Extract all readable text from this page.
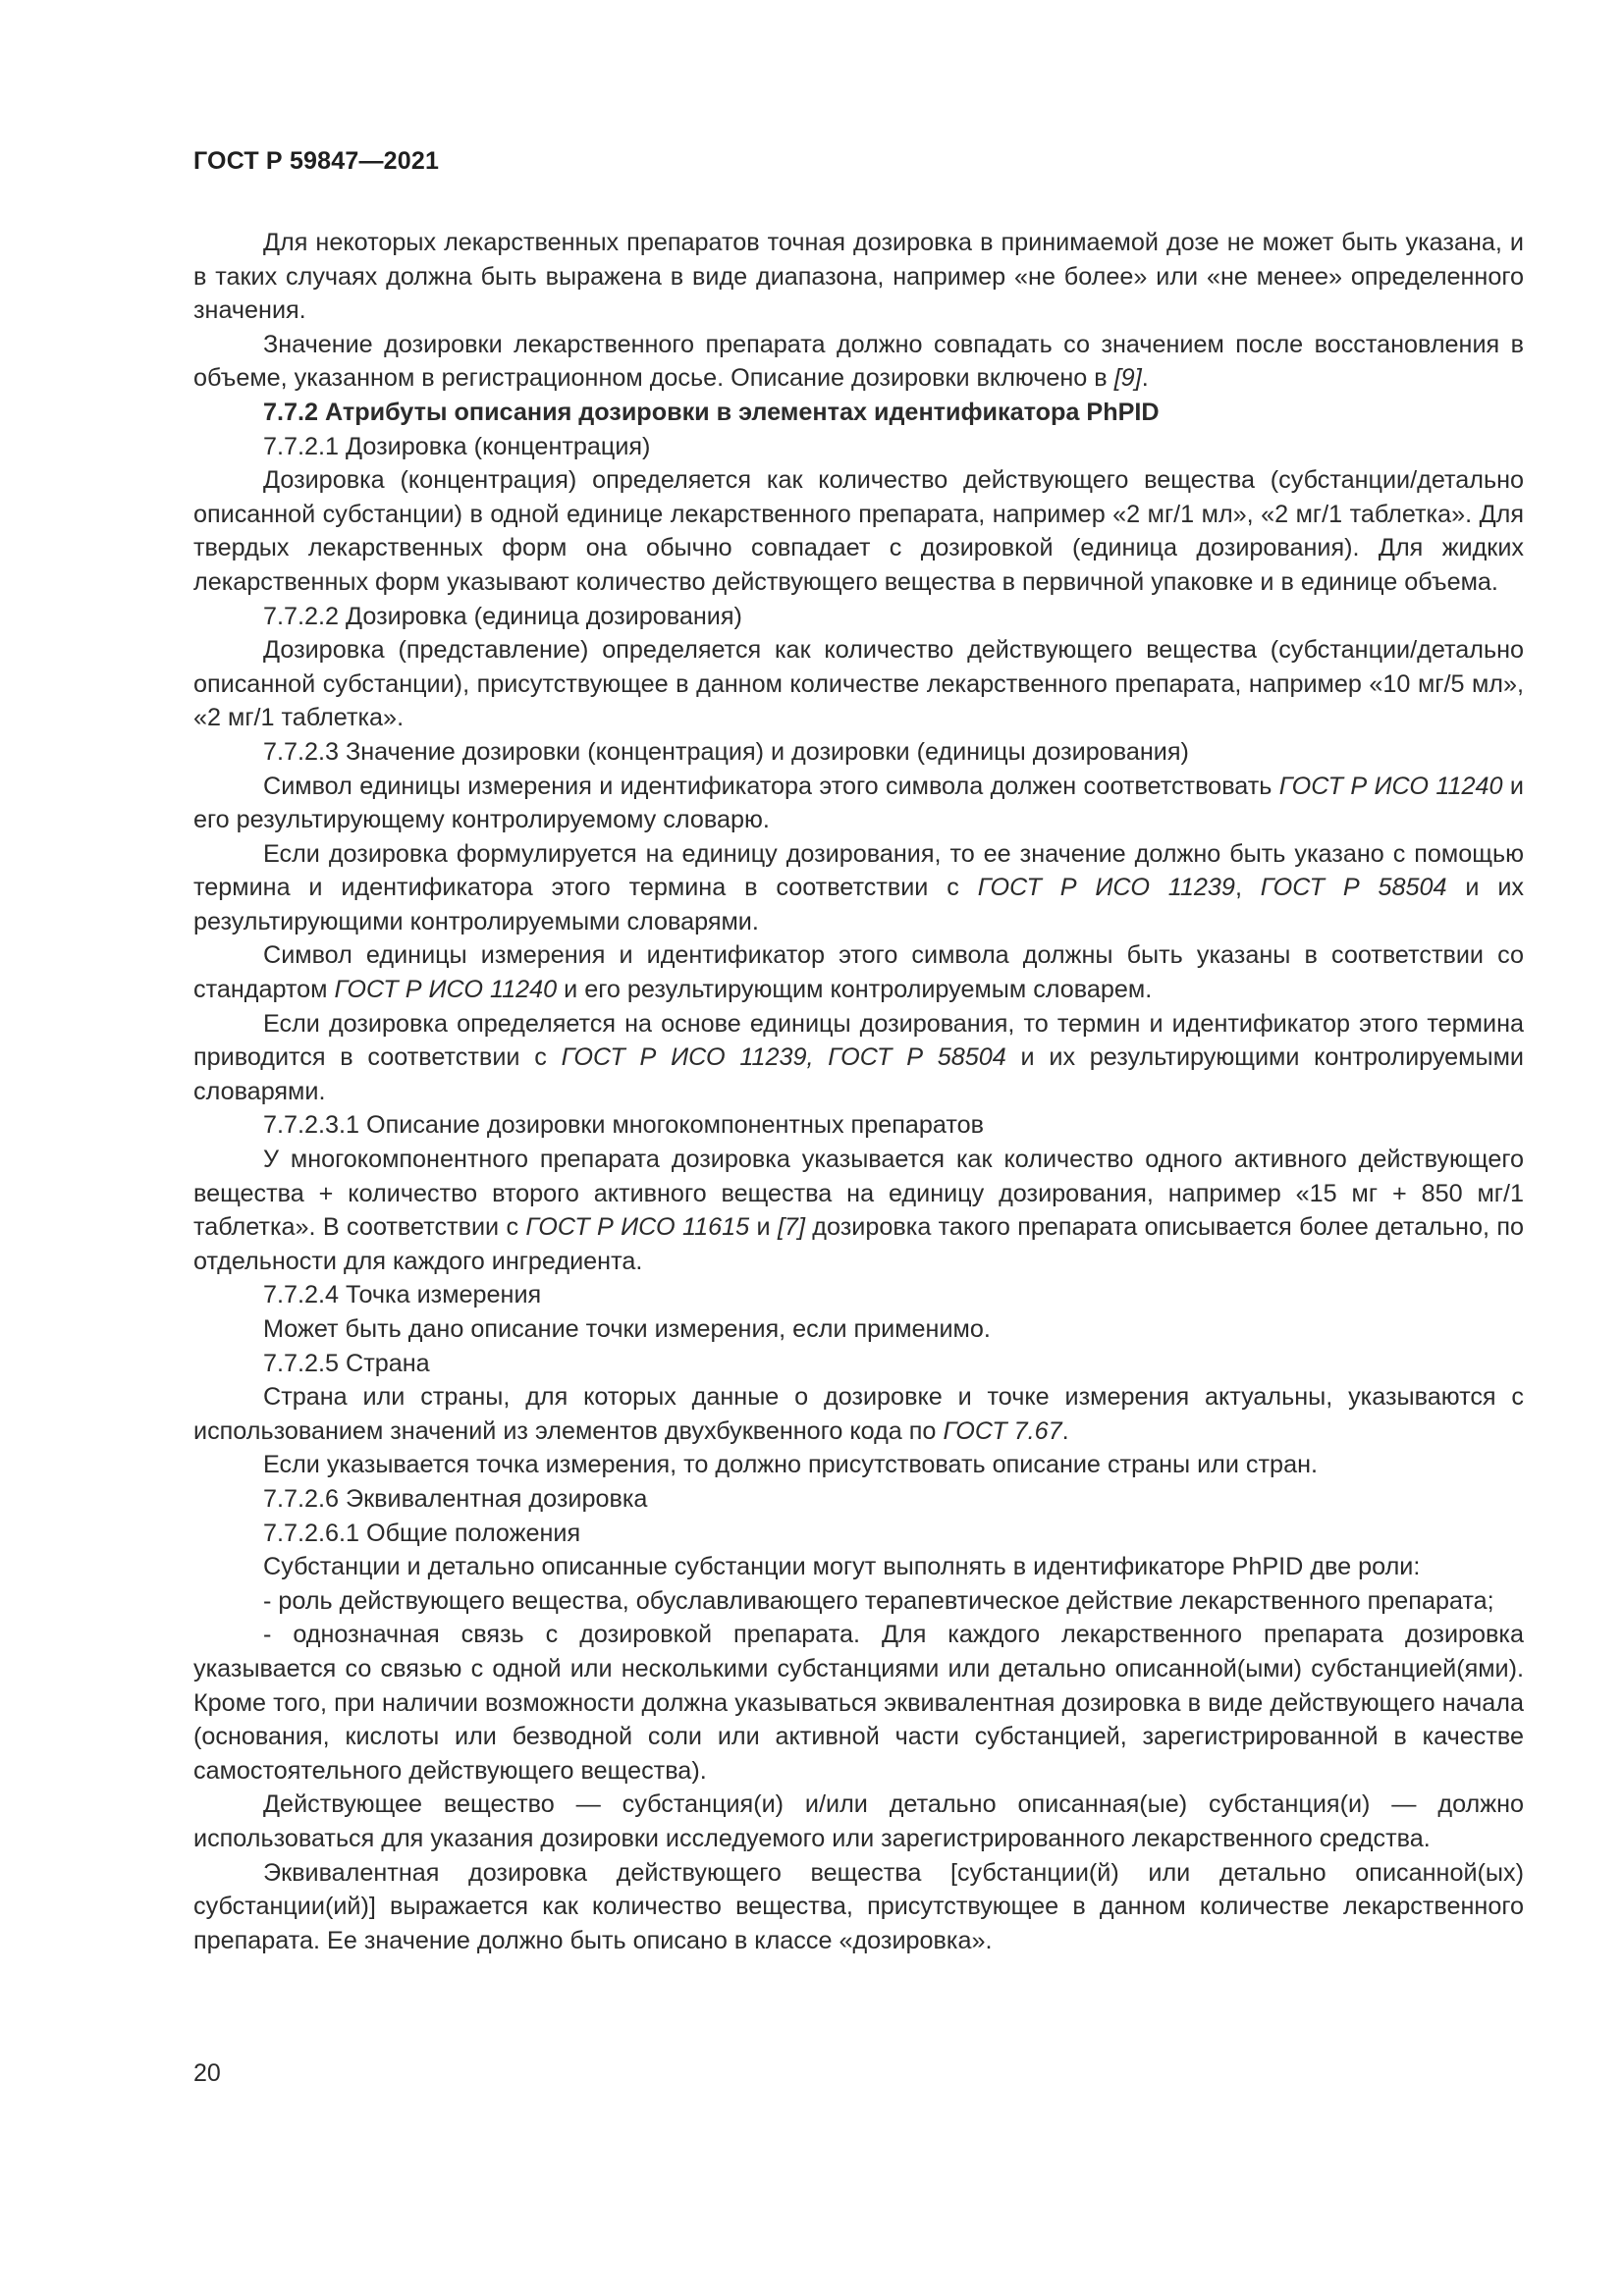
ГОСТ Р 59847—2021

Для некоторых лекарственных препаратов точная дозировка в принимаемой дозе не может быть указана, и в таких случаях должна быть выражена в виде диапазона, например «не более» или «не менее» определенного значения.

Значение дозировки лекарственного препарата должно совпадать со значением после восстановления в объеме, указанном в регистрационном досье. Описание дозировки включено в [9].

7.7.2 Атрибуты описания дозировки в элементах идентификатора PhPID

7.7.2.1 Дозировка (концентрация)

Дозировка (концентрация) определяется как количество действующего вещества (субстанции/детально описанной субстанции) в одной единице лекарственного препарата, например «2 мг/1 мл», «2 мг/1 таблетка». Для твердых лекарственных форм она обычно совпадает с дозировкой (единица дозирования). Для жидких лекарственных форм указывают количество действующего вещества в первичной упаковке и в единице объема.

7.7.2.2 Дозировка (единица дозирования)

Дозировка (представление) определяется как количество действующего вещества (субстанции/детально описанной субстанции), присутствующее в данном количестве лекарственного препарата, например «10 мг/5 мл», «2 мг/1 таблетка».

7.7.2.3 Значение дозировки (концентрация) и дозировки (единицы дозирования)

Символ единицы измерения и идентификатора этого символа должен соответствовать ГОСТ Р ИСО 11240 и его результирующему контролируемому словарю.

Если дозировка формулируется на единицу дозирования, то ее значение должно быть указано с помощью термина и идентификатора этого термина в соответствии с ГОСТ Р ИСО 11239, ГОСТ Р 58504 и их результирующими контролируемыми словарями.

Символ единицы измерения и идентификатор этого символа должны быть указаны в соответствии со стандартом ГОСТ Р ИСО 11240 и его результирующим контролируемым словарем.

Если дозировка определяется на основе единицы дозирования, то термин и идентификатор этого термина приводится в соответствии с ГОСТ Р ИСО 11239, ГОСТ Р 58504 и их результирующими контролируемыми словарями.

7.7.2.3.1 Описание дозировки многокомпонентных препаратов

У многокомпонентного препарата дозировка указывается как количество одного активного действующего вещества + количество второго активного вещества на единицу дозирования, например «15 мг + 850 мг/1 таблетка». В соответствии с ГОСТ Р ИСО 11615 и [7] дозировка такого препарата описывается более детально, по отдельности для каждого ингредиента.

7.7.2.4 Точка измерения

Может быть дано описание точки измерения, если применимо.

7.7.2.5 Страна

Страна или страны, для которых данные о дозировке и точке измерения актуальны, указываются с использованием значений из элементов двухбуквенного кода по ГОСТ 7.67.

Если указывается точка измерения, то должно присутствовать описание страны или стран.

7.7.2.6 Эквивалентная дозировка

7.7.2.6.1 Общие положения

Субстанции и детально описанные субстанции могут выполнять в идентификаторе PhPID две роли:

- роль действующего вещества, обуславливающего терапевтическое действие лекарственного препарата;

- однозначная связь с дозировкой препарата. Для каждого лекарственного препарата дозировка указывается со связью с одной или несколькими субстанциями или детально описанной(ыми) субстанцией(ями). Кроме того, при наличии возможности должна указываться эквивалентная дозировка в виде действующего начала (основания, кислоты или безводной соли или активной части субстанцией, зарегистрированной в качестве самостоятельного действующего вещества).

Действующее вещество — субстанция(и) и/или детально описанная(ые) субстанция(и) — должно использоваться для указания дозировки исследуемого или зарегистрированного лекарственного средства.

Эквивалентная дозировка действующего вещества [субстанции(й) или детально описанной(ых) субстанции(ий)] выражается как количество вещества, присутствующее в данном количестве лекарственного препарата. Ее значение должно быть описано в классе «дозировка».

20
